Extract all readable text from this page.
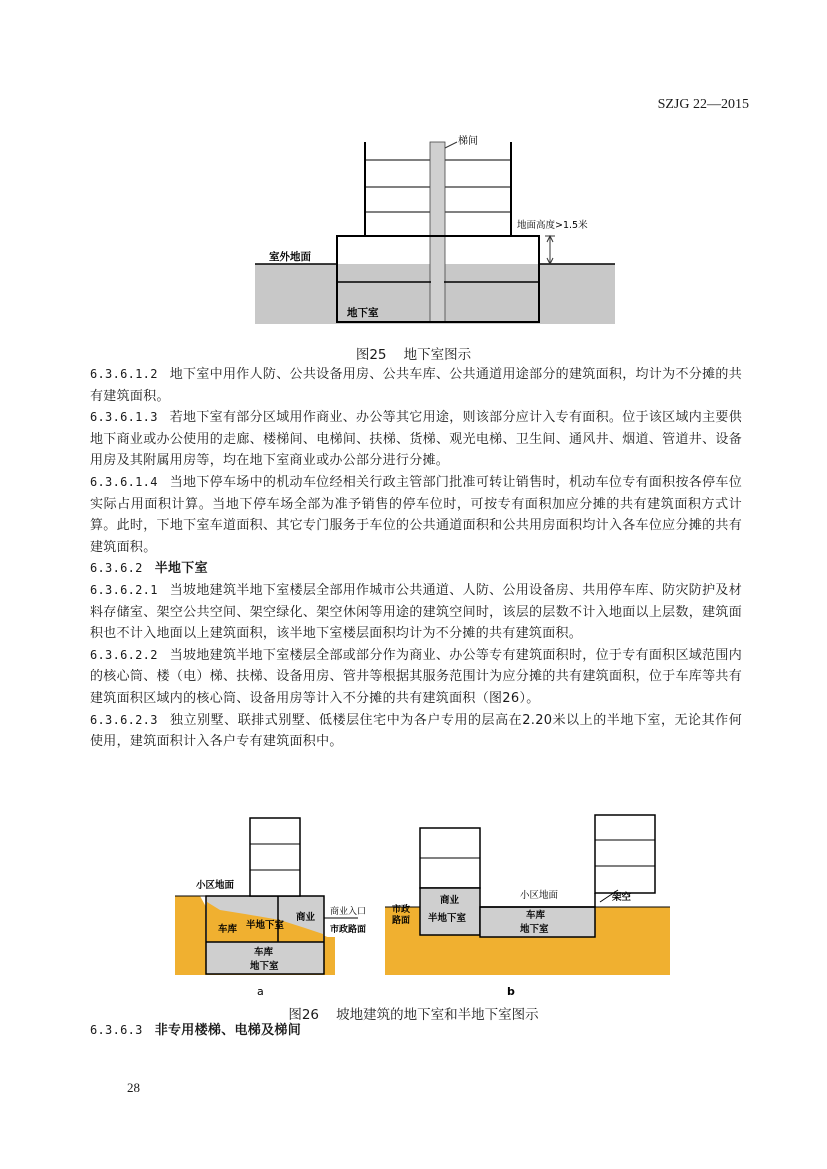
SZJG 22—2015
梯间
地面高度>1.5米
室外地面
地下室
图25    地下室图示

6.3.6.1.2 地下室中用作人防、公共设备用房、公共车库、公共通道用途部分的建筑面积，均计为不分摊的共有建筑面积。

6.3.6.1.3 若地下室有部分区域用作商业、办公等其它用途，则该部分应计入专有面积。位于该区域内主要供地下商业或办公使用的走廊、楼梯间、电梯间、扶梯、货梯、观光电梯、卫生间、通风井、烟道、管道井、设备用房及其附属用房等，均在地下室商业或办公部分进行分摊。

6.3.6.1.4 当地下停车场中的机动车位经相关行政主管部门批准可转让销售时，机动车位专有面积按各停车位实际占用面积计算。当地下停车场全部为准予销售的停车位时，可按专有面积加应分摊的共有建筑面积方式计算。此时，下地下室车道面积、其它专门服务于车位的公共通道面积和公共用房面积均计入各车位应分摊的共有建筑面积。

6.3.6.2 半地下室

6.3.6.2.1 当坡地建筑半地下室楼层全部用作城市公共通道、人防、公用设备房、共用停车库、防灾防护及材料存储室、架空公共空间、架空绿化、架空休闲等用途的建筑空间时，该层的层数不计入地面以上层数，建筑面积也不计入地面以上建筑面积，该半地下室楼层面积均计为不分摊的共有建筑面积。

6.3.6.2.2 当坡地建筑半地下室楼层全部或部分作为商业、办公等专有建筑面积时，位于专有面积区域范围内的核心筒、楼（电）梯、扶梯、设备用房、管井等根据其服务范围计为应分摊的共有建筑面积，位于车库等共有建筑面积区域内的核心筒、设备用房等计入不分摊的共有建筑面积（图26）。

6.3.6.2.3 独立别墅、联排式别墅、低楼层住宅中为各户专用的层高在2.20米以上的半地下室，无论其作何使用，建筑面积计入各户专有建筑面积中。

小区地面
车库 半地下室
商业 商业入口
市政路面
车库
地下室
a
市政
路面
商业
半地下室
小区地面
车库
地下室
架空
b
图26    坡地建筑的地下室和半地下室图示

6.3.6.3 非专用楼梯、电梯及梯间

28
